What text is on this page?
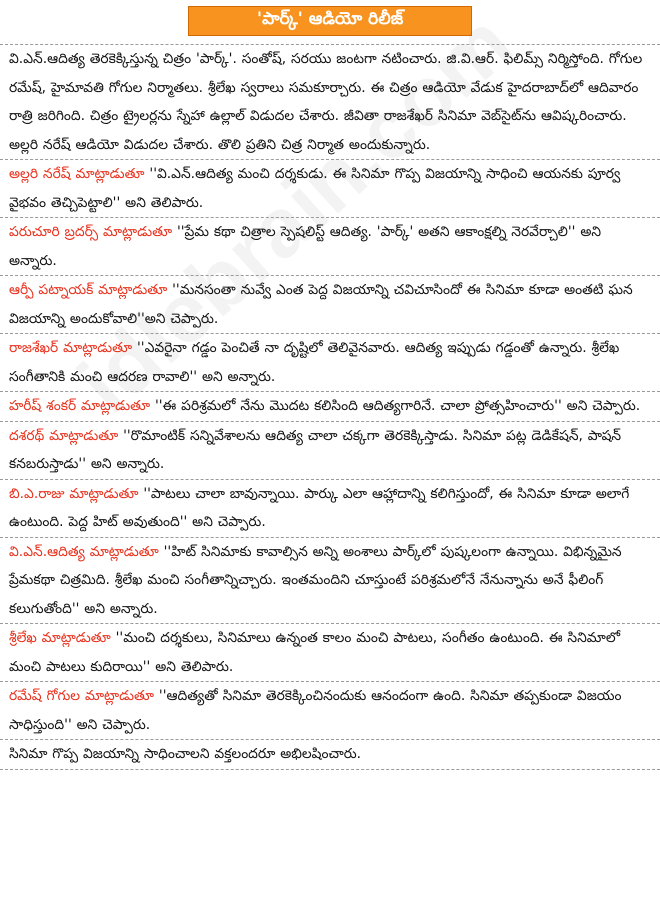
'పార్క్' ఆడియో రిలీజ్
వి.ఎన్.ఆదిత్య తెరకెక్కిస్తున్న చిత్రం 'పార్క్'. సంతోష్, సరయు జంటగా నటించారు. జి.వి.ఆర్. ఫిలిమ్స్ నిర్మిస్తోంది. గోగుల రమేష్, హైమావతి గోగుల నిర్మాతలు. శ్రీలేఖ స్వరాలు సమకూర్చారు. ఈ చిత్రం ఆడియో వేడుక హైదరాబాద్‌లో ఆదివారం రాత్రి జరిగింది. చిత్రం ట్రైలర్లను స్నేహా ఉల్లాల్ విడుదల చేశారు. జీవితా రాజశేఖర్ సినిమా వెబ్‌సైట్‌ను ఆవిష్కరించారు. అల్లరి నరేష్ ఆడియో విడుదల చేశారు. తొలి ప్రతిని చిత్ర నిర్మాత అందుకున్నారు.
అల్లరి నరేష్ మాట్లాడుతూ ''వి.ఎన్.ఆదిత్య మంచి దర్శకుడు. ఈ సినిమా గొప్ప విజయాన్ని సాధించి ఆయనకు పూర్వ వైభవం తెచ్చిపెట్టాలి'' అని తెలిపారు.
పరుచూరి బ్రదర్స్ మాట్లాడుతూ ''ప్రేమ కథా చిత్రాల స్పెషలిస్ట్ ఆదిత్య. 'పార్క్' అతని ఆకాంక్షల్ని నెరవేర్చాలి'' అని అన్నారు.
ఆర్పీ పట్నాయక్ మాట్లాడుతూ ''మనసంతా నువ్వే ఎంత పెద్ద విజయాన్ని చవిచూసిందో ఈ సినిమా కూడా అంతటి ఘన విజయాన్ని అందుకోవాలి''అని చెప్పారు.
రాజశేఖర్ మాట్లాడుతూ ''ఎవరైనా గడ్డం పెంచితే నా దృష్టిలో తెలివైనవారు. ఆదిత్య ఇప్పుడు గడ్డంతో ఉన్నారు. శ్రీలేఖ సంగీతానికి మంచి ఆదరణ రావాలి'' అని అన్నారు.
హరీష్ శంకర్ మాట్లాడుతూ ''ఈ పరిశ్రమలో నేను మొదట కలిసింది ఆదిత్యగారినే. చాలా ప్రోత్సహించారు'' అని చెప్పారు.
దశరథ్ మాట్లాడుతూ ''రొమాంటిక్ సన్నివేశాలను ఆదిత్య చాలా చక్కగా తెరకెక్కిస్తాడు. సినిమా పట్ల డెడికేషన్, పాషన్ కనబరుస్తాడు'' అని అన్నారు.
బి.ఎ.రాజు మాట్లాడుతూ ''పాటలు చాలా బావున్నాయి. పార్కు ఎలా ఆహ్లాదాన్ని కలిగిస్తుందో, ఈ సినిమా కూడా అలాగే ఉంటుంది. పెద్ద హిట్ అవుతుంది'' అని చెప్పారు.
వి.ఎన్.ఆదిత్య మాట్లాడుతూ ''హిట్ సినిమాకు కావాల్సిన అన్ని అంశాలు పార్క్‌లో పుష్కలంగా ఉన్నాయి. విభిన్నమైన ప్రేమకథా చిత్రమిది. శ్రీలేఖ మంచి సంగీతాన్నిచ్చారు. ఇంతమందిని చూస్తుంటే పరిశ్రమలోనే నేనున్నాను అనే ఫీలింగ్ కలుగుతోంది'' అని అన్నారు.
శ్రీలేఖ మాట్లాడుతూ ''మంచి దర్శకులు, సినిమాలు ఉన్నంత కాలం మంచి పాటలు, సంగీతం ఉంటుంది. ఈ సినిమాలో మంచి పాటలు కుదిరాయి'' అని తెలిపారు.
రమేష్ గోగుల మాట్లాడుతూ ''ఆదిత్యతో సినిమా తెరకెక్కించినందుకు ఆనందంగా ఉంది. సినిమా తప్పకుండా విజయం సాధిస్తుంది'' అని చెప్పారు.
సినిమా గొప్ప విజయాన్ని సాధించాలని వక్తలందరూ అభిలషించారు.
